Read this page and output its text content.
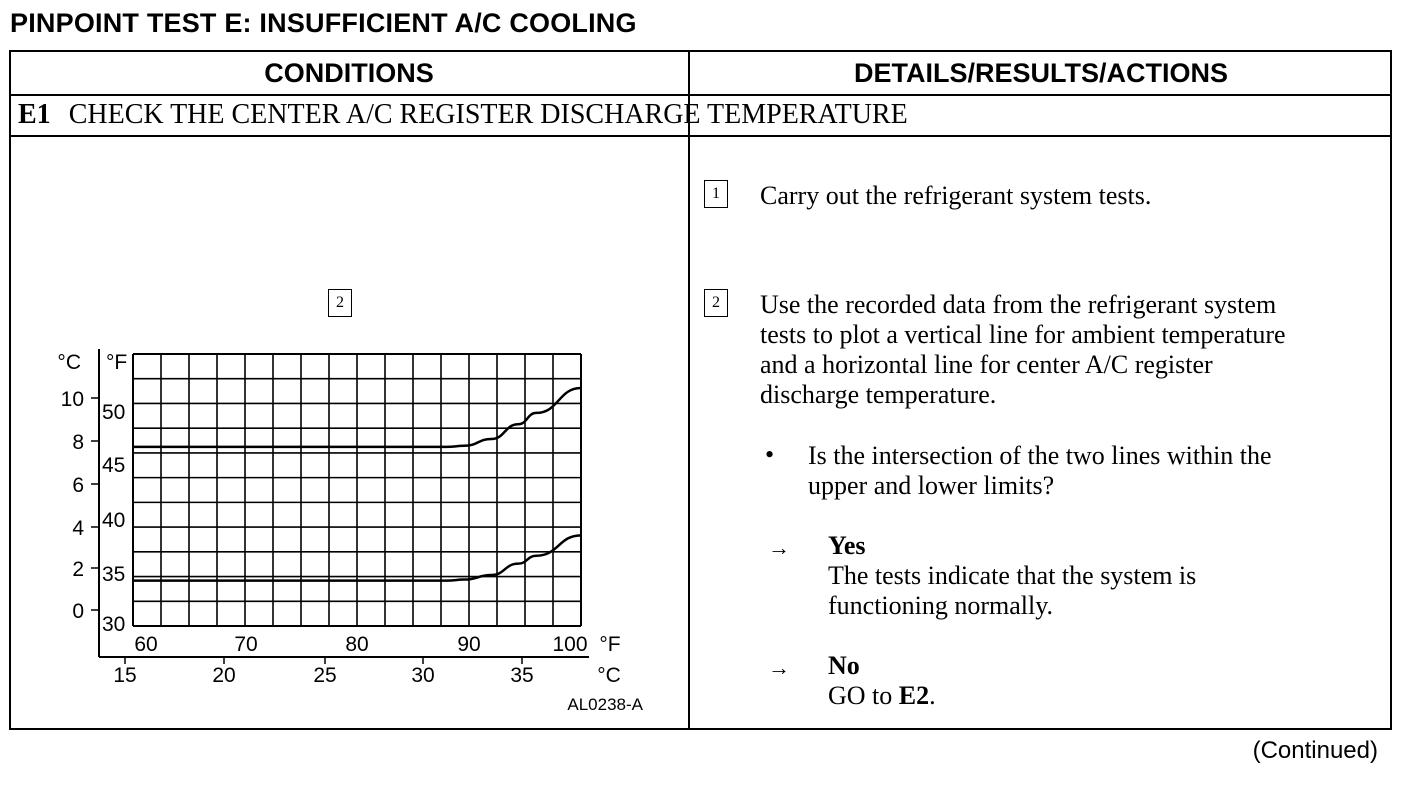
PINPOINT TEST E: INSUFFICIENT A/C COOLING
CONDITIONS	DETAILS/RESULTS/ACTIONS
E1 CHECK THE CENTER A/C REGISTER DISCHARGE TEMPERATURE
2
10
8
6
4
2
0
°C
50
45
40
35
30
°F
60	70	80	90	100 °F
15	20	25	30	35	°C
AL0238-A
1	Carry out the refrigerant system tests.
2	Use the recorded data from the refrigerant system
tests to plot a vertical line for ambient temperature
and a horizontal line for center A/C register
discharge temperature.
• Is the intersection of the two lines within the
upper and lower limits?
→ Yes
The tests indicate that the system is
functioning normally.
→ No
GO to E2.
(Continued)
